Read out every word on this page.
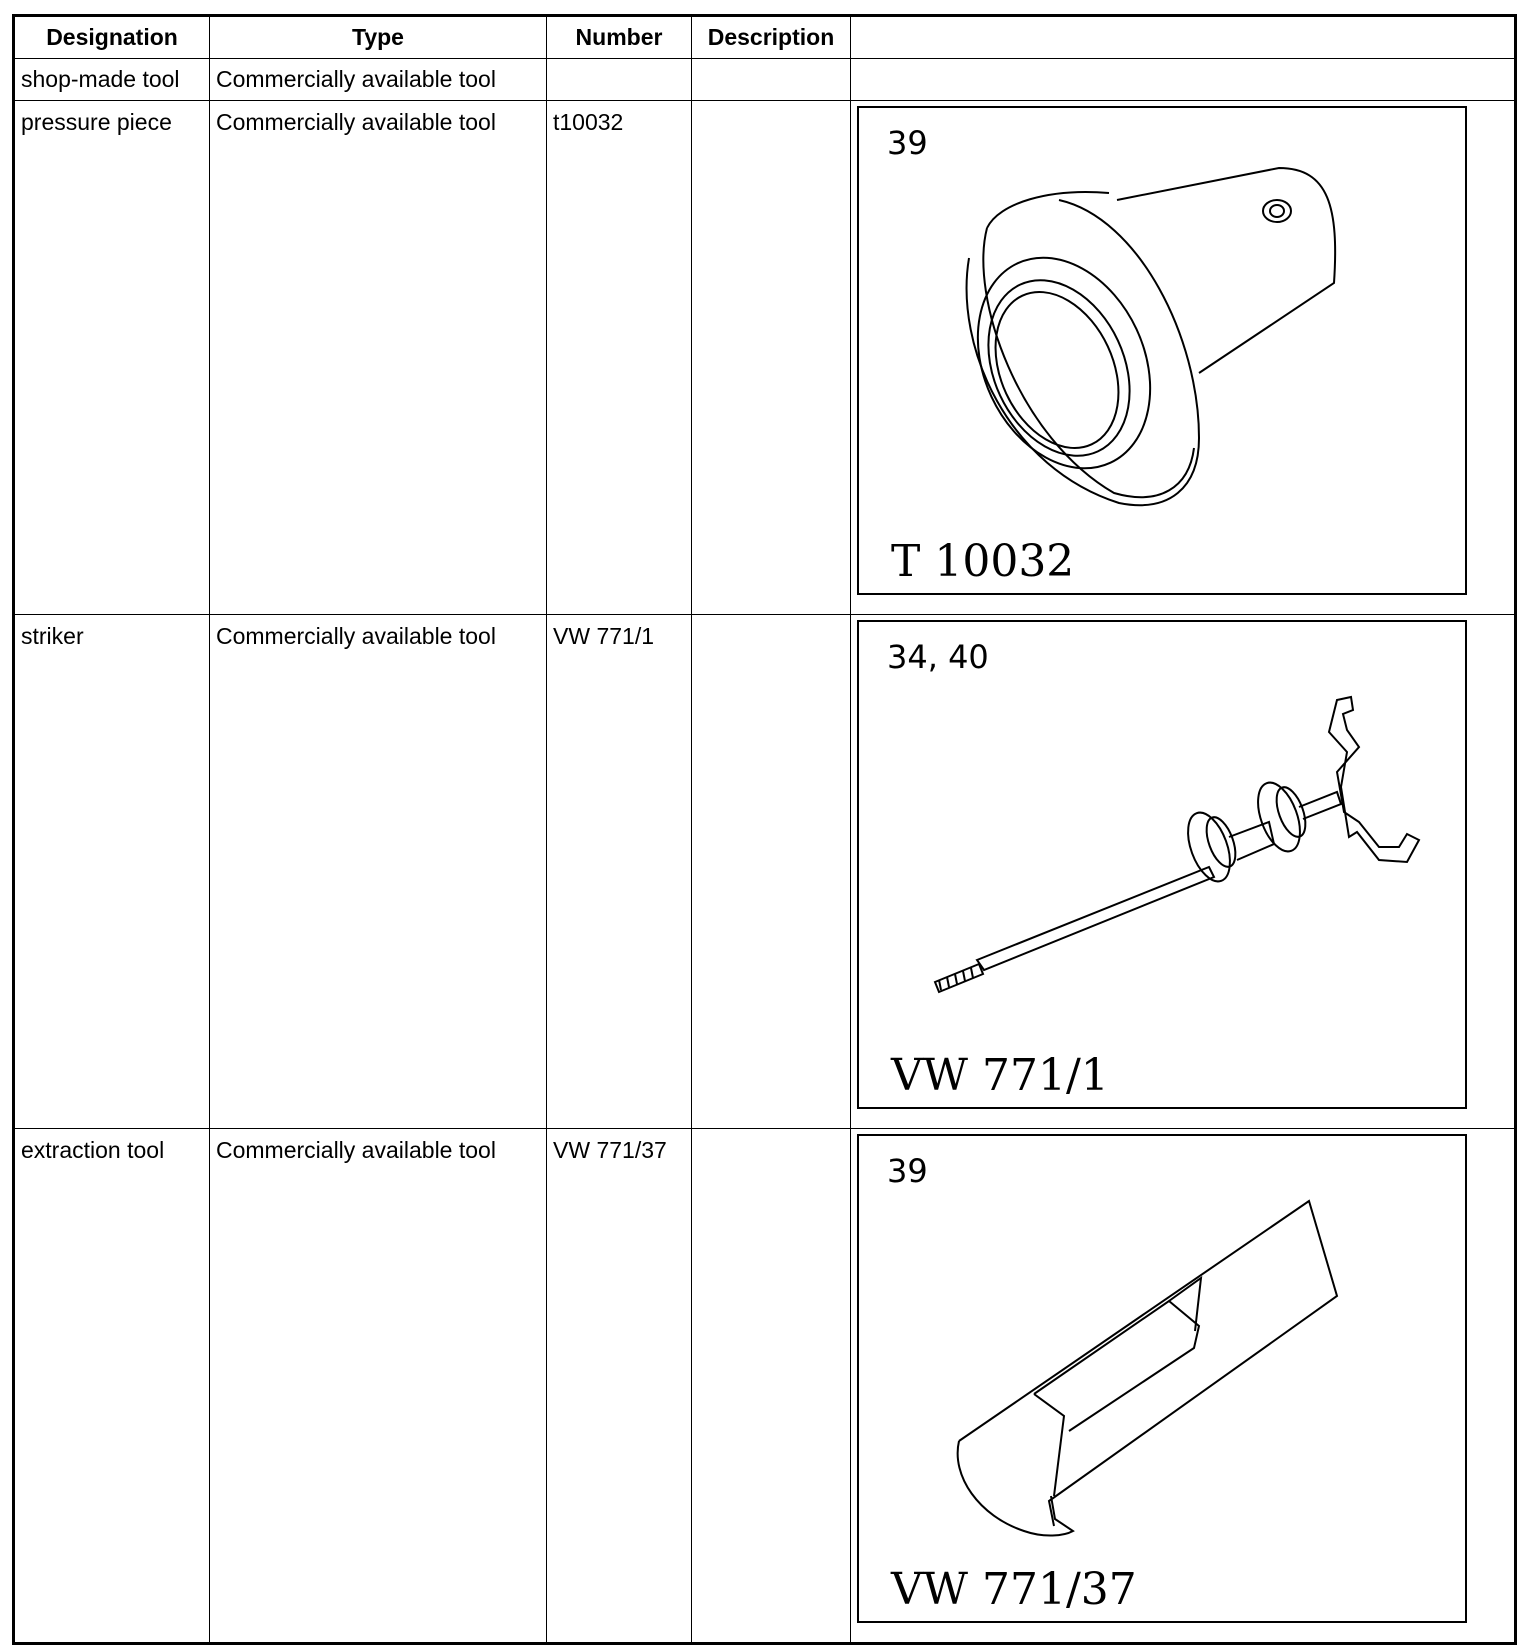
Designation	Type	Number	Description	
shop-made tool	Commercially available tool			
pressure piece	Commercially available tool	t10032		39
T 10032

striker	Commercially available tool	VW 771/1		34, 40
VW 771/1

extraction tool	Commercially available tool	VW 771/37		39
VW 771/37
